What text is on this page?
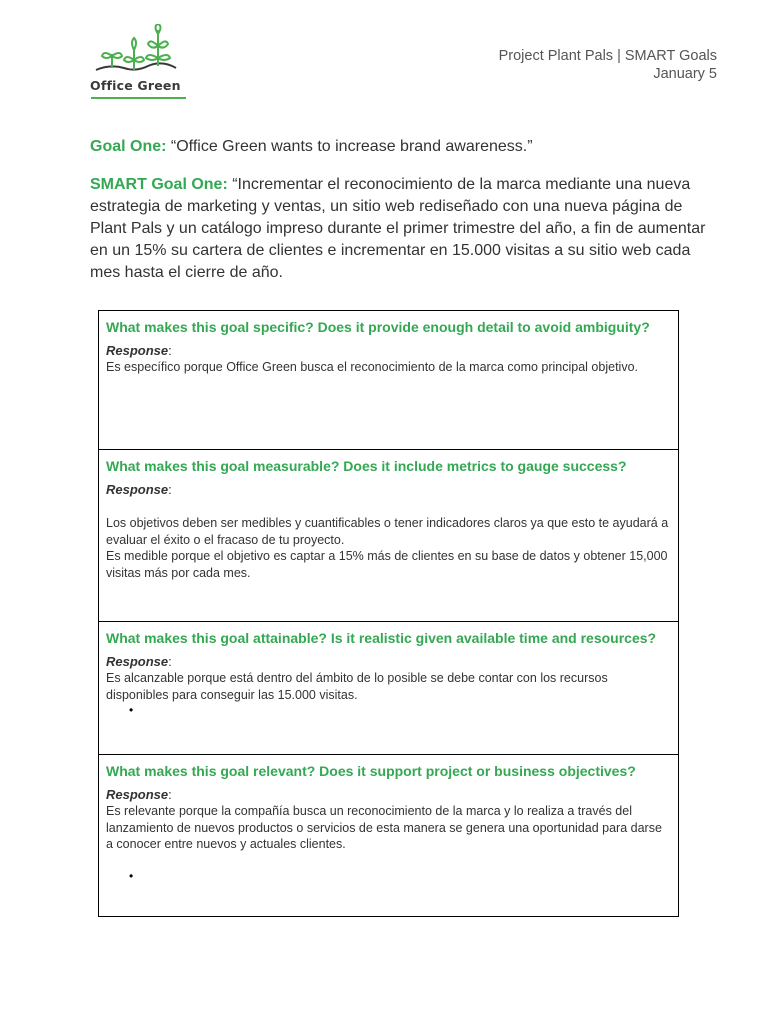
Office Green
Project Plant Pals | SMART Goals
January 5
Goal One: “Office Green wants to increase brand awareness.”
SMART Goal One: “Incrementar el reconocimiento de la marca mediante una nueva estrategia de marketing y ventas, un sitio web rediseñado con una nueva página de Plant Pals y un catálogo impreso durante el primer trimestre del año, a fin de aumentar en un 15% su cartera de clientes e incrementar en 15.000 visitas a su sitio web cada mes hasta el cierre de año.
What makes this goal specific? Does it provide enough detail to avoid ambiguity?
Response:
Es específico porque Office Green busca el reconocimiento de la marca como principal objetivo.

What makes this goal measurable? Does it include metrics to gauge success?
Response:
Los objetivos deben ser medibles y cuantificables o tener indicadores claros ya que esto te ayudará a evaluar el éxito o el fracaso de tu proyecto.
Es medible porque el objetivo es captar a 15% más de clientes en su base de datos y obtener 15,000 visitas más por cada mes.

What makes this goal attainable? Is it realistic given available time and resources?
Response:
Es alcanzable porque está dentro del ámbito de lo posible se debe contar con los recursos disponibles para conseguir las 15.000 visitas.
•

What makes this goal relevant? Does it support project or business objectives?
Response:
Es relevante porque la compañía busca un reconocimiento de la marca y lo realiza a través del lanzamiento de nuevos productos o servicios de esta manera se genera una oportunidad para darse a conocer entre nuevos y actuales clientes.
•
